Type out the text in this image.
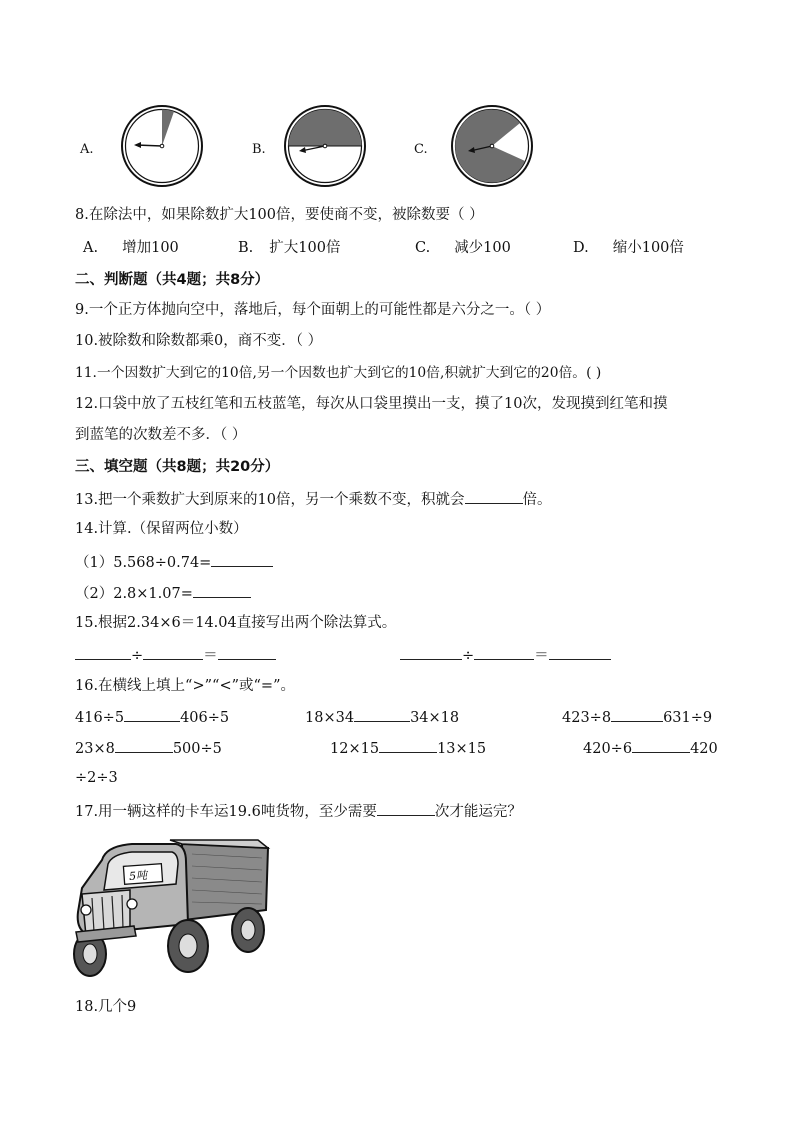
A.	B.	C.
8.在除法中，如果除数扩大100倍，要使商不变，被除数要（ ）
A. 增加100	B. 扩大100倍	C. 减少100	D. 缩小100倍
二、判断题（共4题；共8分）
9.一个正方体抛向空中，落地后，每个面朝上的可能性都是六分之一。（ ）
10.被除数和除数都乘0，商不变．（ ）
11.一个因数扩大到它的10倍,另一个因数也扩大到它的10倍,积就扩大到它的20倍。( )
12.口袋中放了五枝红笔和五枝蓝笔，每次从口袋里摸出一支，摸了10次，发现摸到红笔和摸
到蓝笔的次数差不多．（ ）
三、填空题（共8题；共20分）
13.把一个乘数扩大到原来的10倍，另一个乘数不变，积就会	倍。
14.计算.（保留两位小数）
（1）5.568÷0.74=
（2）2.8×1.07=
15.根据2.34×6＝14.04直接写出两个除法算式。
÷	＝	÷	＝
16.在横线上填上“>”“<”或“=”。
416÷5	406÷5	18×34	34×18	423÷8	631÷9
23×8	500÷5	12×15	13×15	420÷6	420
÷2÷3
17.用一辆这样的卡车运19.6吨货物，至少需要	次才能运完？
5吨
18.几个9
